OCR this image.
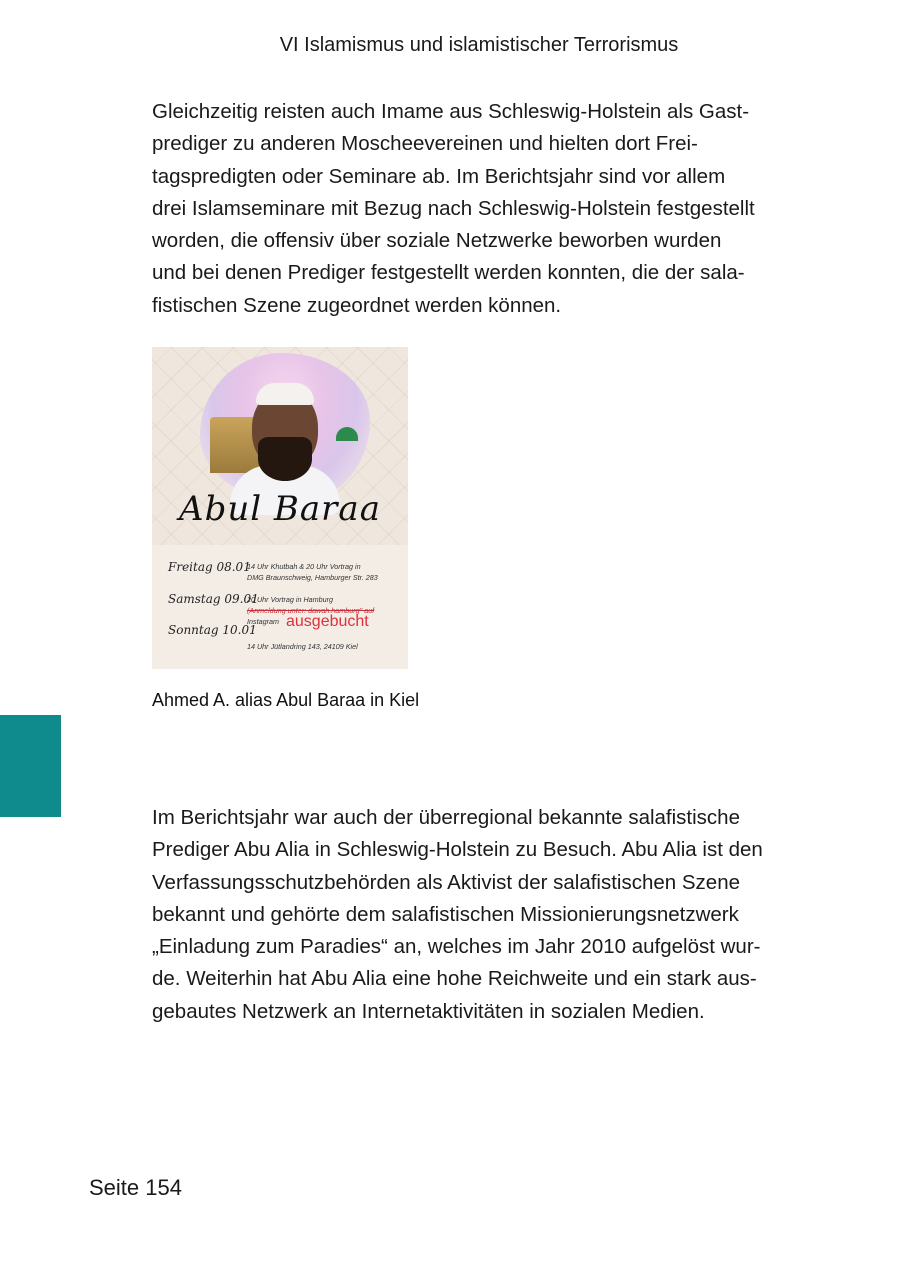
VI Islamismus und islamistischer Terrorismus

Gleichzeitig reisten auch Imame aus Schleswig-Holstein als Gast-
prediger zu anderen Moscheevereinen und hielten dort Frei-
tagspredigten oder Seminare ab. Im Berichtsjahr sind vor allem
drei Islamseminare mit Bezug nach Schleswig-Holstein festgestellt
worden, die offensiv über soziale Netzwerke beworben wurden
und bei denen Prediger festgestellt werden konnten, die der sala-
fistischen Szene zugeordnet werden können.

Abul Baraa
Freitag 08.01
Samstag 09.01
Sonntag 10.01
14 Uhr Khutbah & 20 Uhr Vortrag in
DMG Braunschweig, Hamburger Str. 283
20 Uhr Vortrag in Hamburg
(Anmeldung unter: dawah.hamburg" auf
Instagram
14 Uhr Jütlandring 143, 24109 Kiel
ausgebucht
Ahmed A. alias Abul Baraa in Kiel

Im Berichtsjahr war auch der überregional bekannte salafistische
Prediger Abu Alia in Schleswig-Holstein zu Besuch. Abu Alia ist den
Verfassungsschutzbehörden als Aktivist der salafistischen Szene
bekannt und gehörte dem salafistischen Missionierungsnetzwerk
„Einladung zum Paradies“ an, welches im Jahr 2010 aufgelöst wur-
de. Weiterhin hat Abu Alia eine hohe Reichweite und ein stark aus-
gebautes Netzwerk an Internetaktivitäten in sozialen Medien.

Seite 154
